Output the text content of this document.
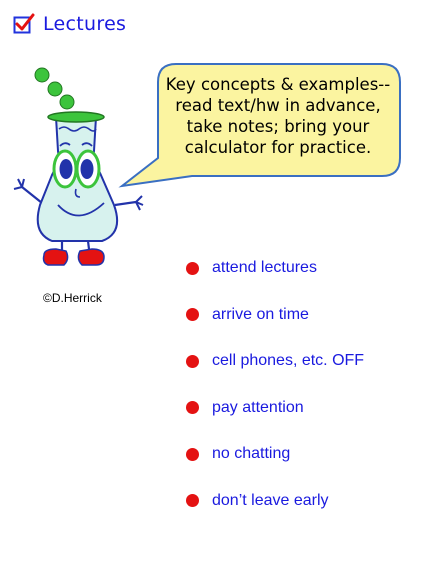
Lectures
©D.Herrick
Key concepts & examples--
read text/hw in advance,
take notes; bring your
calculator for practice.
attend lectures
arrive on time
cell phones, etc. OFF
pay attention
no chatting
don’t leave early
